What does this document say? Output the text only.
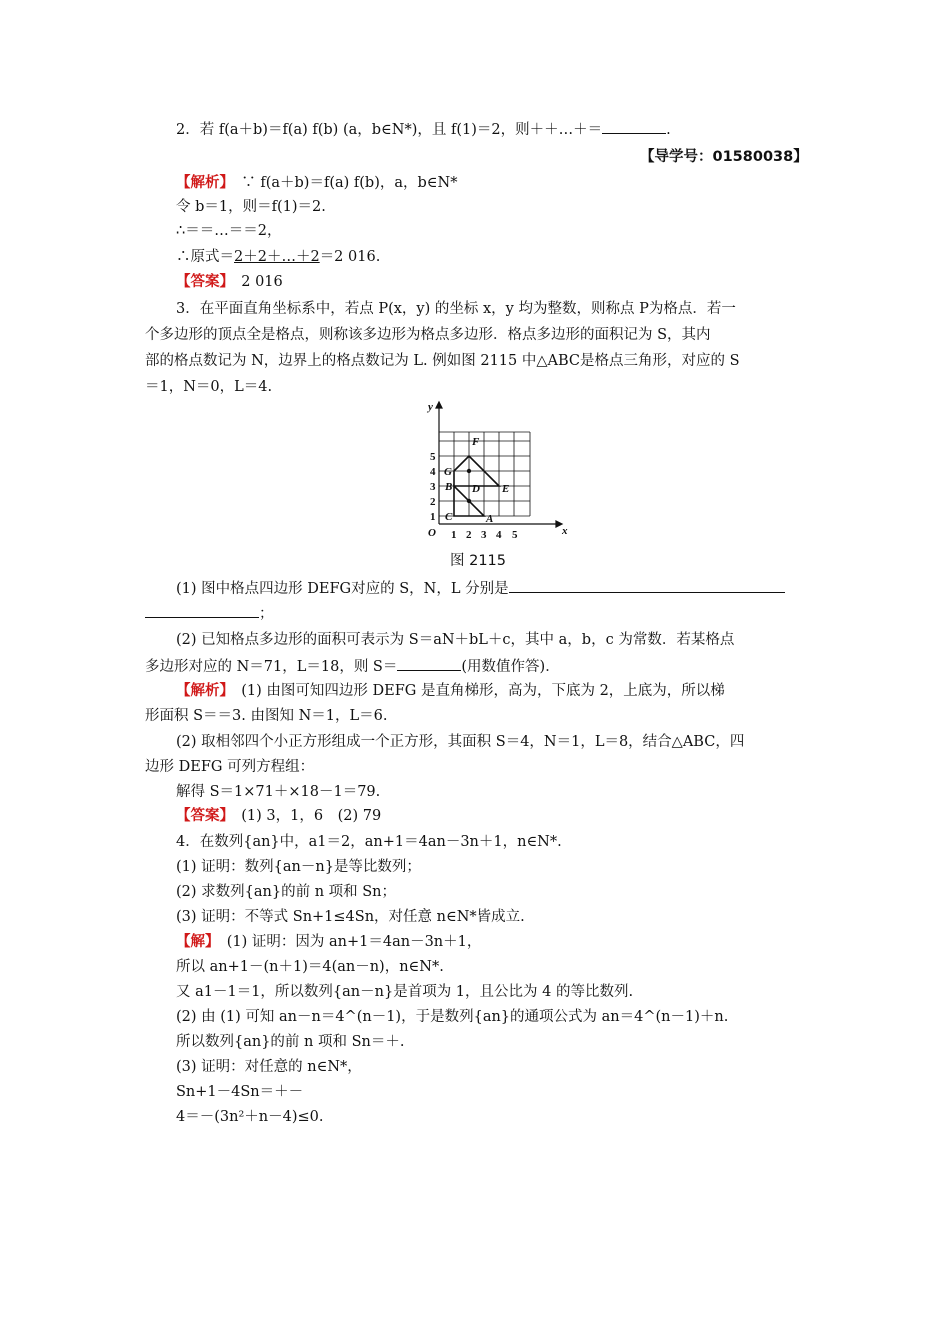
2．若 f(a＋b)＝f(a) f(b) (a，b∈N*)，且 f(1)＝2，则＋＋…＋＝	.
【导学号：01580038】
【解析】　 ∵ f(a＋b)＝f(a) f(b)，a，b∈N*
令 b＝1，则＝f(1)＝2.
∴＝＝…＝＝2，
∴原式＝2＋2＋…＋2＝2 016.
【答案】　 2 016
3．在平面直角坐标系中，若点 P(x，y) 的坐标 x，y 均为整数，则称点 P为格点．若一
个多边形的顶点全是格点，则称该多边形为格点多边形．格点多边形的面积记为 S，其内
部的格点数记为 N，边界上的格点数记为 L. 例如图 2115 中△ABC是格点三角形，对应的 S
＝1，N＝0，L＝4.
x
y
O 1 2 3 4 5
1
2
3
4
5
A
B
C
D E
F
G
图 2115
(1) 图中格点四边形 DEFG对应的 S，N，L 分别是
；
(2) 已知格点多边形的面积可表示为 S＝aN＋bL＋c，其中 a，b，c 为常数．若某格点
多边形对应的 N＝71，L＝18，则 S＝	(用数值作答)．
【解析】　 (1) 由图可知四边形 DEFG 是直角梯形，高为，下底为 2，上底为，所以梯
形面积 S＝＝3. 由图知 N＝1，L＝6.
(2) 取相邻四个小正方形组成一个正方形，其面积 S＝4，N＝1，L＝8，结合△ABC，四
边形 DEFG 可列方程组：
解得 S＝1×71＋×18－1＝79.
【答案】　 (1) 3，1，6　(2) 79
4．在数列{an}中，a1＝2，an+1＝4an－3n＋1，n∈N*.
(1) 证明：数列{an－n}是等比数列；
(2) 求数列{an}的前 n 项和 Sn；
(3) 证明：不等式 Sn+1≤4Sn，对任意 n∈N*皆成立.
【解】　 (1) 证明：因为 an+1＝4an－3n＋1，
所以 an+1－(n＋1)＝4(an－n)，n∈N*.
又 a1－1＝1，所以数列{an－n}是首项为 1，且公比为 4 的等比数列.
(2) 由 (1) 可知 an－n＝4^(n－1)，于是数列{an}的通项公式为 an＝4^(n－1)＋n.
所以数列{an}的前 n 项和 Sn＝＋.
(3) 证明：对任意的 n∈N*，
Sn+1－4Sn＝＋－
4＝－(3n²＋n－4)≤0.
